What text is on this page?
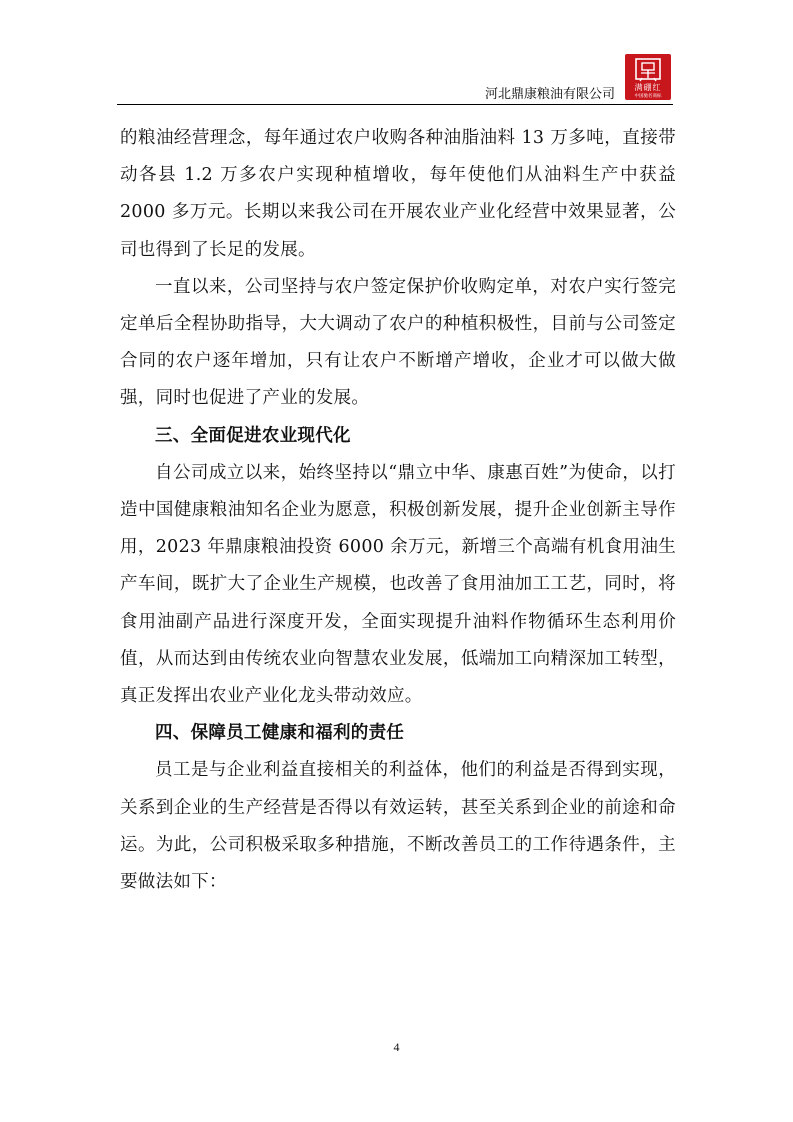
河北鼎康粮油有限公司 满硼红
中国驰名商标

的粮油经营理念，每年通过农户收购各种油脂油料 13 万多吨，直接带动各县 1.2 万多农户实现种植增收，每年使他们从油料生产中获益 2000 多万元。长期以来我公司在开展农业产业化经营中效果显著，公司也得到了长足的发展。

一直以来，公司坚持与农户签定保护价收购定单，对农户实行签完定单后全程协助指导，大大调动了农户的种植积极性，目前与公司签定合同的农户逐年增加，只有让农户不断增产增收，企业才可以做大做强，同时也促进了产业的发展。

三、全面促进农业现代化

自公司成立以来，始终坚持以“鼎立中华、康惠百姓”为使命，以打造中国健康粮油知名企业为愿意，积极创新发展，提升企业创新主导作用，2023 年鼎康粮油投资 6000 余万元，新增三个高端有机食用油生产车间，既扩大了企业生产规模，也改善了食用油加工工艺，同时，将食用油副产品进行深度开发，全面实现提升油料作物循环生态利用价值，从而达到由传统农业向智慧农业发展，低端加工向精深加工转型，真正发挥出农业产业化龙头带动效应。

四、保障员工健康和福利的责任

员工是与企业利益直接相关的利益体，他们的利益是否得到实现，关系到企业的生产经营是否得以有效运转，甚至关系到企业的前途和命运。为此，公司积极采取多种措施，不断改善员工的工作待遇条件，主要做法如下：

4
